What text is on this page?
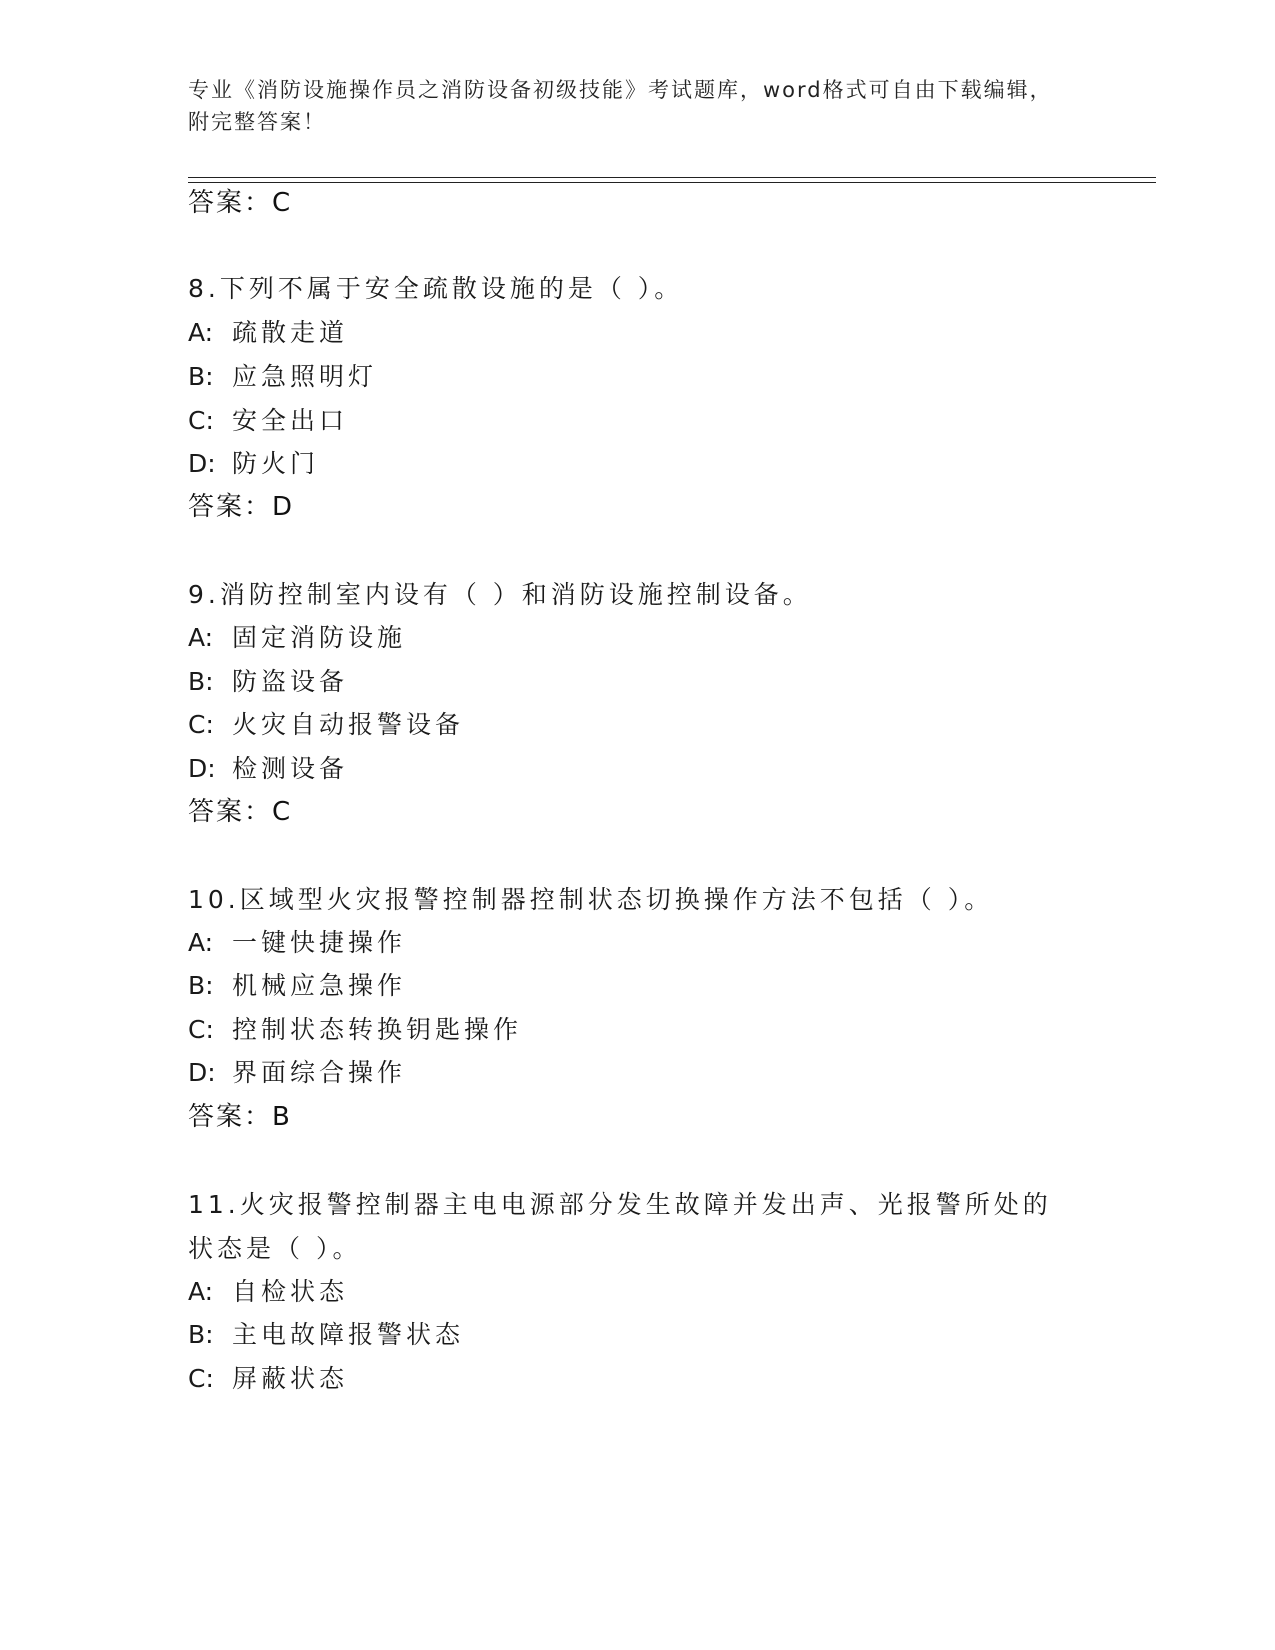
专业《消防设施操作员之消防设备初级技能》考试题库，word格式可自由下载编辑，附完整答案！
答案：C
8.下列不属于安全疏散设施的是（ ）。
A: 疏散走道
B: 应急照明灯
C: 安全出口
D: 防火门
答案：D
9.消防控制室内设有（ ）和消防设施控制设备。
A: 固定消防设施
B: 防盗设备
C: 火灾自动报警设备
D: 检测设备
答案：C
10.区域型火灾报警控制器控制状态切换操作方法不包括（ ）。
A: 一键快捷操作
B: 机械应急操作
C: 控制状态转换钥匙操作
D: 界面综合操作
答案：B
11.火灾报警控制器主电电源部分发生故障并发出声、光报警所处的状态是（ ）。
A: 自检状态
B: 主电故障报警状态
C: 屏蔽状态
